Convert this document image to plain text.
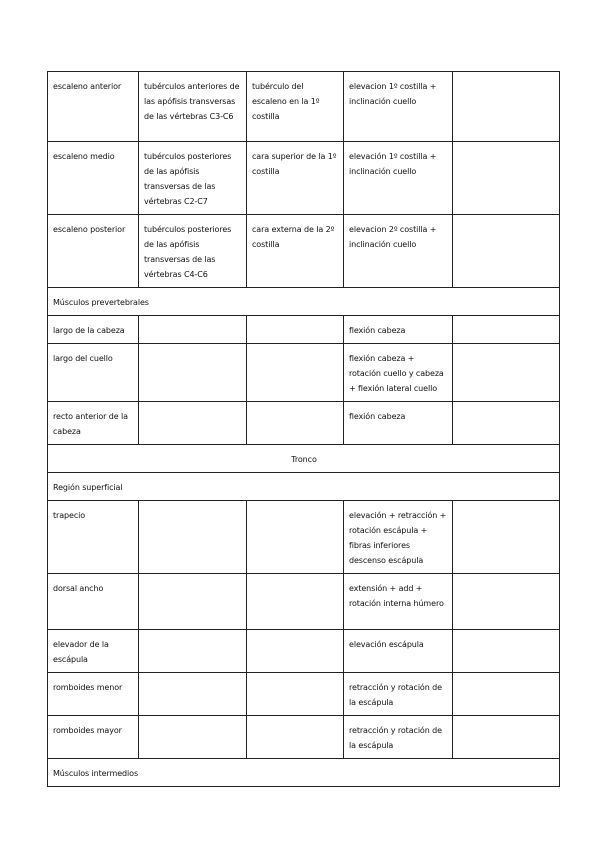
escaleno anterior	tubérculos anteriores de las apófisis transversas de las vértebras C3-C6	tubérculo del escaleno en la 1º costilla	elevacion 1º costilla + inclinación cuello	
escaleno medio	tubérculos posteriores de las apófisis transversas de las vértebras C2-C7	cara superior de la 1º costilla	elevación 1º costilla + inclinación cuello	
escaleno posterior	tubérculos posteriores de las apófisis transversas de las vértebras C4-C6	cara externa de la 2º costilla	elevacion 2º costilla + inclinación cuello	
Músculos prevertebrales				
largo de la cabeza			flexión cabeza	
largo del cuello			flexión cabeza + rotación cuello y cabeza + flexión lateral cuello	
recto anterior de la cabeza			flexión cabeza	
Tronco				
Región superficial				
trapecio			elevación + retracción + rotación escápula + fibras inferiores descenso escápula	
dorsal ancho			extensión + add + rotación interna húmero	
elevador de la escápula			elevación escápula	
romboides menor			retracción y rotación de la escápula	
romboides mayor			retracción y rotación de la escápula	
Músculos intermedios				
